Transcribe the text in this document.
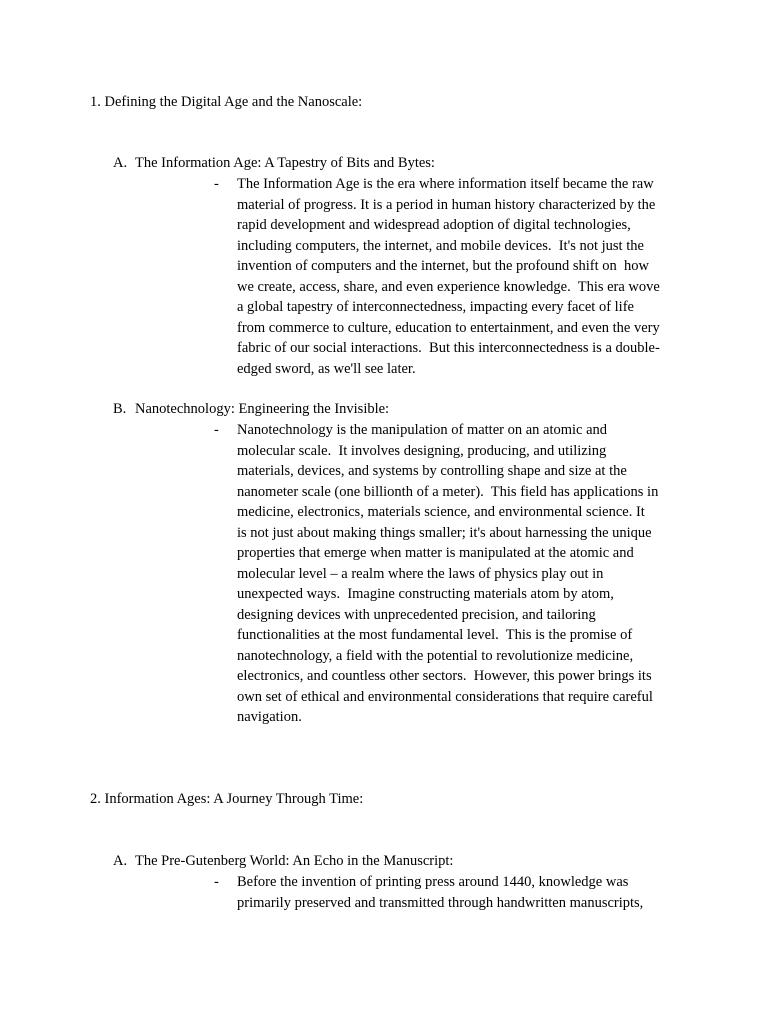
1. Defining the Digital Age and the Nanoscale:
A. The Information Age: A Tapestry of Bits and Bytes:
- The Information Age is the era where information itself became the raw
material of progress. It is a period in human history characterized by the
rapid development and widespread adoption of digital technologies,
including computers, the internet, and mobile devices.  It's not just the
invention of computers and the internet, but the profound shift on  how
we create, access, share, and even experience knowledge.  This era wove
a global tapestry of interconnectedness, impacting every facet of life
from commerce to culture, education to entertainment, and even the very
fabric of our social interactions.  But this interconnectedness is a double-
edged sword, as we'll see later.
B. Nanotechnology: Engineering the Invisible:
- Nanotechnology is the manipulation of matter on an atomic and
molecular scale.  It involves designing, producing, and utilizing
materials, devices, and systems by controlling shape and size at the
nanometer scale (one billionth of a meter).  This field has applications in
medicine, electronics, materials science, and environmental science. It
is not just about making things smaller; it's about harnessing the unique
properties that emerge when matter is manipulated at the atomic and
molecular level – a realm where the laws of physics play out in
unexpected ways.  Imagine constructing materials atom by atom,
designing devices with unprecedented precision, and tailoring
functionalities at the most fundamental level.  This is the promise of
nanotechnology, a field with the potential to revolutionize medicine,
electronics, and countless other sectors.  However, this power brings its
own set of ethical and environmental considerations that require careful
navigation.
2. Information Ages: A Journey Through Time:
A. The Pre-Gutenberg World: An Echo in the Manuscript:
- Before the invention of printing press around 1440, knowledge was
primarily preserved and transmitted through handwritten manuscripts,
